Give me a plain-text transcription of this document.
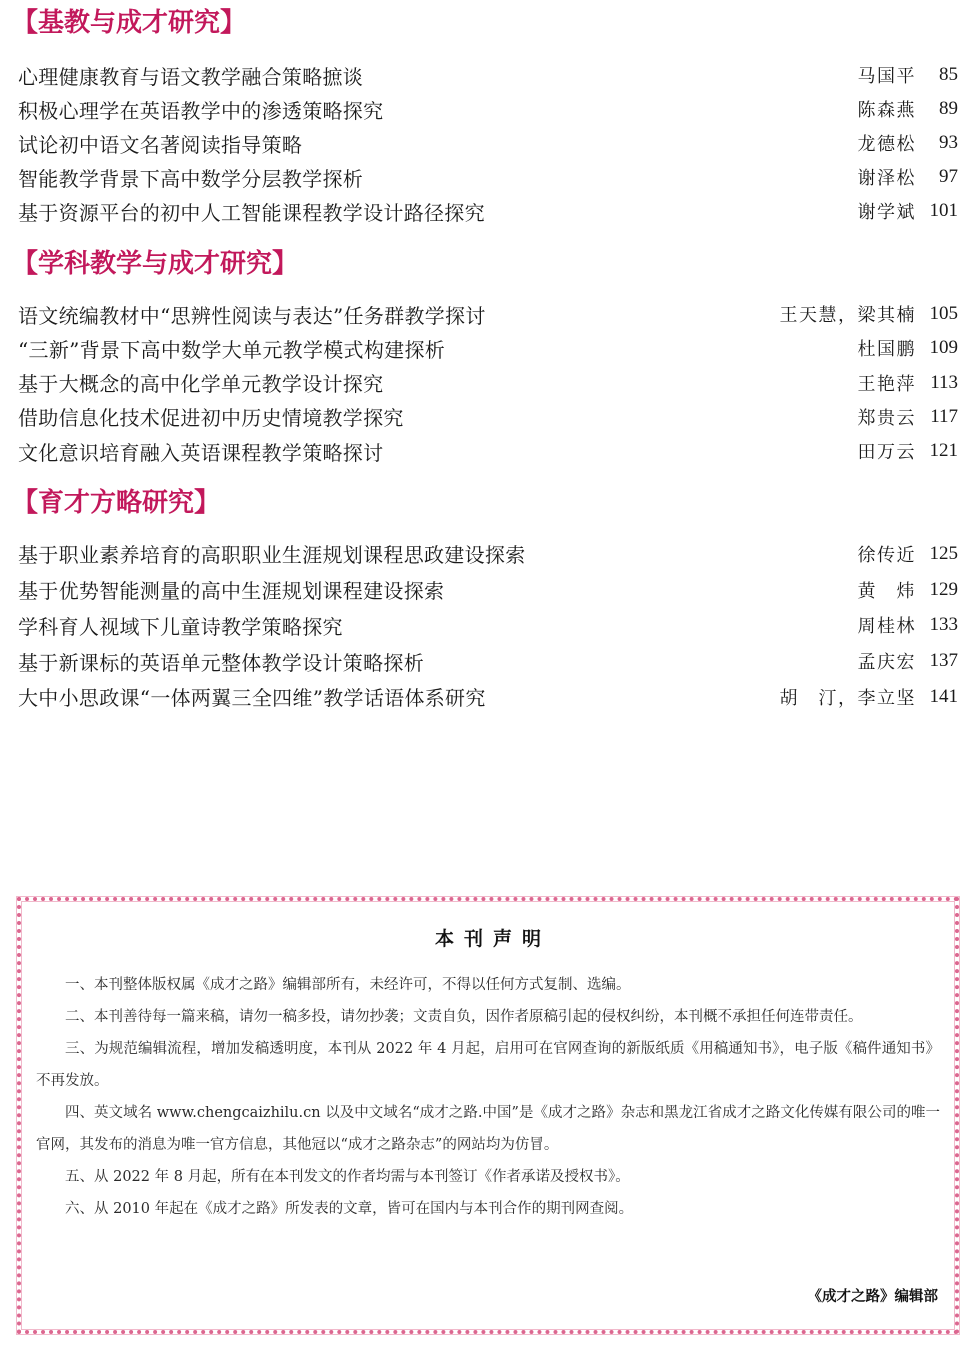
【基教与成才研究】
心理健康教育与语文教学融合策略摭谈	马国平	85
积极心理学在英语教学中的渗透策略探究	陈森燕	89
试论初中语文名著阅读指导策略	龙德松	93
智能教学背景下高中数学分层教学探析	谢泽松	97
基于资源平台的初中人工智能课程教学设计路径探究	谢学斌 101
【学科教学与成才研究】
语文统编教材中“思辨性阅读与表达”任务群教学探讨	王天慧，梁其楠 105
“三新”背景下高中数学大单元教学模式构建探析	杜国鹏 109
基于大概念的高中化学单元教学设计探究	王艳萍 113
借助信息化技术促进初中历史情境教学探究	郑贵云 117
文化意识培育融入英语课程教学策略探讨	田万云 121
【育才方略研究】
基于职业素养培育的高职职业生涯规划课程思政建设探索	徐传近 125
基于优势智能测量的高中生涯规划课程建设探索	黄　炜 129
学科育人视域下儿童诗教学策略探究	周桂林 133
基于新课标的英语单元整体教学设计策略探析	孟庆宏 137
大中小思政课“一体两翼三全四维”教学话语体系研究	胡　汀，李立坚 141
本刊声明

一、本刊整体版权属《成才之路》编辑部所有，未经许可，不得以任何方式复制、选编。

二、本刊善待每一篇来稿，请勿一稿多投，请勿抄袭；文责自负，因作者原稿引起的侵权纠纷，本刊概不承担任何连带责任。

三、为规范编辑流程，增加发稿透明度，本刊从 2022 年 4 月起，启用可在官网查询的新版纸质《用稿通知书》，电子版《稿件通知书》不再发放。

四、英文域名 www.chengcaizhilu.cn 以及中文域名“成才之路.中国”是《成才之路》杂志和黑龙江省成才之路文化传媒有限公司的唯一官网，其发布的消息为唯一官方信息，其他冠以“成才之路杂志”的网站均为仿冒。

五、从 2022 年 8 月起，所有在本刊发文的作者均需与本刊签订《作者承诺及授权书》。

六、从 2010 年起在《成才之路》所发表的文章，皆可在国内与本刊合作的期刊网查阅。

《成才之路》编辑部
